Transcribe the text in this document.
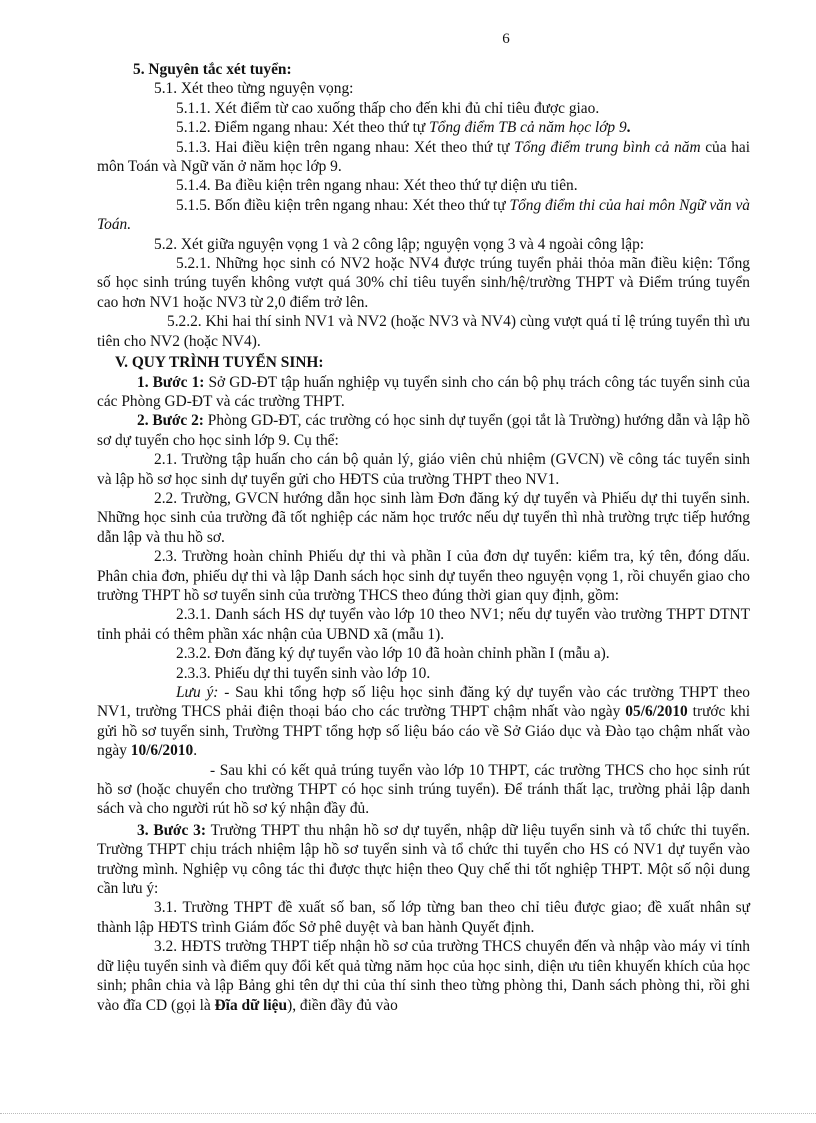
6

5. Nguyên tắc xét tuyển:

5.1. Xét theo từng nguyện vọng:

5.1.1. Xét điểm từ cao xuống thấp cho đến khi đủ chỉ tiêu được giao.

5.1.2. Điểm ngang nhau: Xét theo thứ tự Tổng điểm TB cả năm học lớp 9.

5.1.3. Hai điều kiện trên ngang nhau: Xét theo thứ tự Tổng điểm trung bình cả năm của hai môn Toán và Ngữ văn ở năm học lớp 9.

5.1.4. Ba điều kiện trên ngang nhau: Xét theo thứ tự diện ưu tiên.

5.1.5. Bốn điều kiện trên ngang nhau: Xét theo thứ tự Tổng điểm thi của hai môn Ngữ văn và Toán.

5.2. Xét giữa nguyện vọng 1 và 2 công lập; nguyện vọng 3 và 4 ngoài công lập:

5.2.1. Những học sinh có NV2 hoặc NV4 được trúng tuyển phải thỏa mãn điều kiện: Tổng số học sinh trúng tuyển không vượt quá 30% chỉ tiêu tuyển sinh/hệ/trường THPT và Điểm trúng tuyển cao hơn NV1 hoặc NV3 từ 2,0 điểm trở lên.

5.2.2. Khi hai thí sinh NV1 và NV2 (hoặc NV3 và NV4) cùng vượt quá tỉ lệ trúng tuyển thì ưu tiên cho NV2 (hoặc NV4).

V. QUY TRÌNH TUYỂN SINH:

1. Bước 1: Sở GD-ĐT tập huấn nghiệp vụ tuyển sinh cho cán bộ phụ trách công tác tuyển sinh của các Phòng GD-ĐT và các trường THPT.

2. Bước 2: Phòng GD-ĐT, các trường có học sinh dự tuyển (gọi tắt là Trường) hướng dẫn và lập hồ sơ dự tuyển cho học sinh lớp 9. Cụ thể:

2.1. Trường tập huấn cho cán bộ quản lý, giáo viên chủ nhiệm (GVCN) về công tác tuyển sinh và lập hồ sơ học sinh dự tuyển gửi cho HĐTS của trường THPT theo NV1.

2.2. Trường, GVCN hướng dẫn học sinh làm Đơn đăng ký dự tuyển và Phiếu dự thi tuyển sinh. Những học sinh của trường đã tốt nghiệp các năm học trước nếu dự tuyển thì nhà trường trực tiếp hướng dẫn lập và thu hồ sơ.

2.3. Trường hoàn chỉnh Phiếu dự thi và phần I của đơn dự tuyển: kiểm tra, ký tên, đóng dấu. Phân chia đơn, phiếu dự thi và lập Danh sách học sinh dự tuyển theo nguyện vọng 1, rồi chuyển giao cho trường THPT hồ sơ tuyển sinh của trường THCS theo đúng thời gian quy định, gồm:

2.3.1. Danh sách HS dự tuyển vào lớp 10 theo NV1; nếu dự tuyển vào trường THPT DTNT tỉnh phải có thêm phần xác nhận của UBND xã (mẫu 1).

2.3.2. Đơn đăng ký dự tuyển vào lớp 10 đã hoàn chỉnh phần I (mẫu a).

2.3.3. Phiếu dự thi tuyển sinh vào lớp 10.

Lưu ý: - Sau khi tổng hợp số liệu học sinh đăng ký dự tuyển vào các trường THPT theo NV1, trường THCS phải điện thoại báo cho các trường THPT chậm nhất vào ngày 05/6/2010 trước khi gửi hồ sơ tuyển sinh, Trường THPT tổng hợp số liệu báo cáo về Sở Giáo dục và Đào tạo chậm nhất vào ngày 10/6/2010.

- Sau khi có kết quả trúng tuyển vào lớp 10 THPT, các trường THCS cho học sinh rút hồ sơ (hoặc chuyển cho trường THPT có học sinh trúng tuyển). Để tránh thất lạc, trường phải lập danh sách và cho người rút hồ sơ ký nhận đầy đủ.

3. Bước 3: Trường THPT thu nhận hồ sơ dự tuyển, nhập dữ liệu tuyển sinh và tổ chức thi tuyển. Trường THPT chịu trách nhiệm lập hồ sơ tuyển sinh và tổ chức thi tuyển cho HS có NV1 dự tuyển vào trường mình. Nghiệp vụ công tác thi được thực hiện theo Quy chế thi tốt nghiệp THPT. Một số nội dung cần lưu ý:

3.1. Trường THPT đề xuất số ban, số lớp từng ban theo chỉ tiêu được giao; đề xuất nhân sự thành lập HĐTS trình Giám đốc Sở phê duyệt và ban hành Quyết định.

3.2. HĐTS trường THPT tiếp nhận hồ sơ của trường THCS chuyển đến và nhập vào máy vi tính dữ liệu tuyển sinh và điểm quy đổi kết quả từng năm học của học sinh, diện ưu tiên khuyến khích của học sinh; phân chia và lập Bảng ghi tên dự thi của thí sinh theo từng phòng thi, Danh sách phòng thi, rồi ghi vào đĩa CD (gọi là Đĩa dữ liệu), điền đầy đủ vào
